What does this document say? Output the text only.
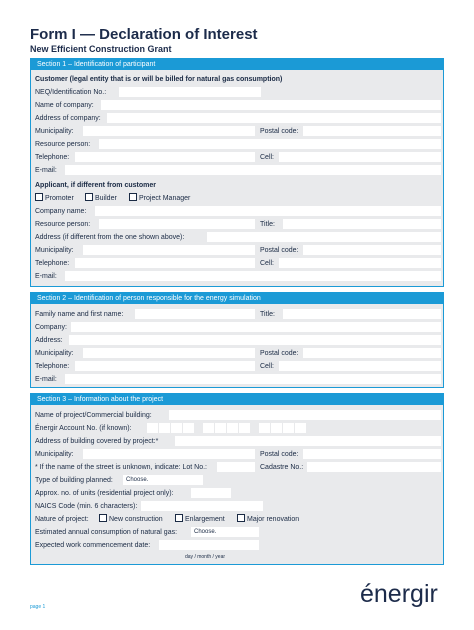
Form I — Declaration of Interest
New Efficient Construction Grant
Section 1 – Identification of participant
Customer (legal entity that is or will be billed for natural gas consumption)
NEQ/Identification No.:
Name of company:
Address of company:
Municipality:	Postal code:
Resource person:
Telephone:	Cell:
E-mail:
Applicant, if different from customer
Promoter	Builder	Project Manager
Company name:
Resource person:	Title:
Address (if different from the one shown above):
Municipality:	Postal code:
Telephone:	Cell:
E-mail:
Section 2 – Identification of person responsible for the energy simulation
Family name and first name:	Title:
Company:
Address:
Municipality:	Postal code:
Telephone:	Cell:
E-mail:
Section 3 – Information about the project
Name of project/Commercial building:
Énergir Account No. (if known):
Address of building covered by project:*
Municipality:	Postal code:
* If the name of the street is unknown, indicate: Lot No.:	Cadastre No.:
Type of building planned:	Choose.
Approx. no. of units (residential project only):
NAICS Code (min. 6 characters):
Nature of project:	New construction	Enlargement	Major renovation
Estimated annual consumption of natural gas:	Choose.
Expected work commencement date:
day / month / year
page 1	énergir
